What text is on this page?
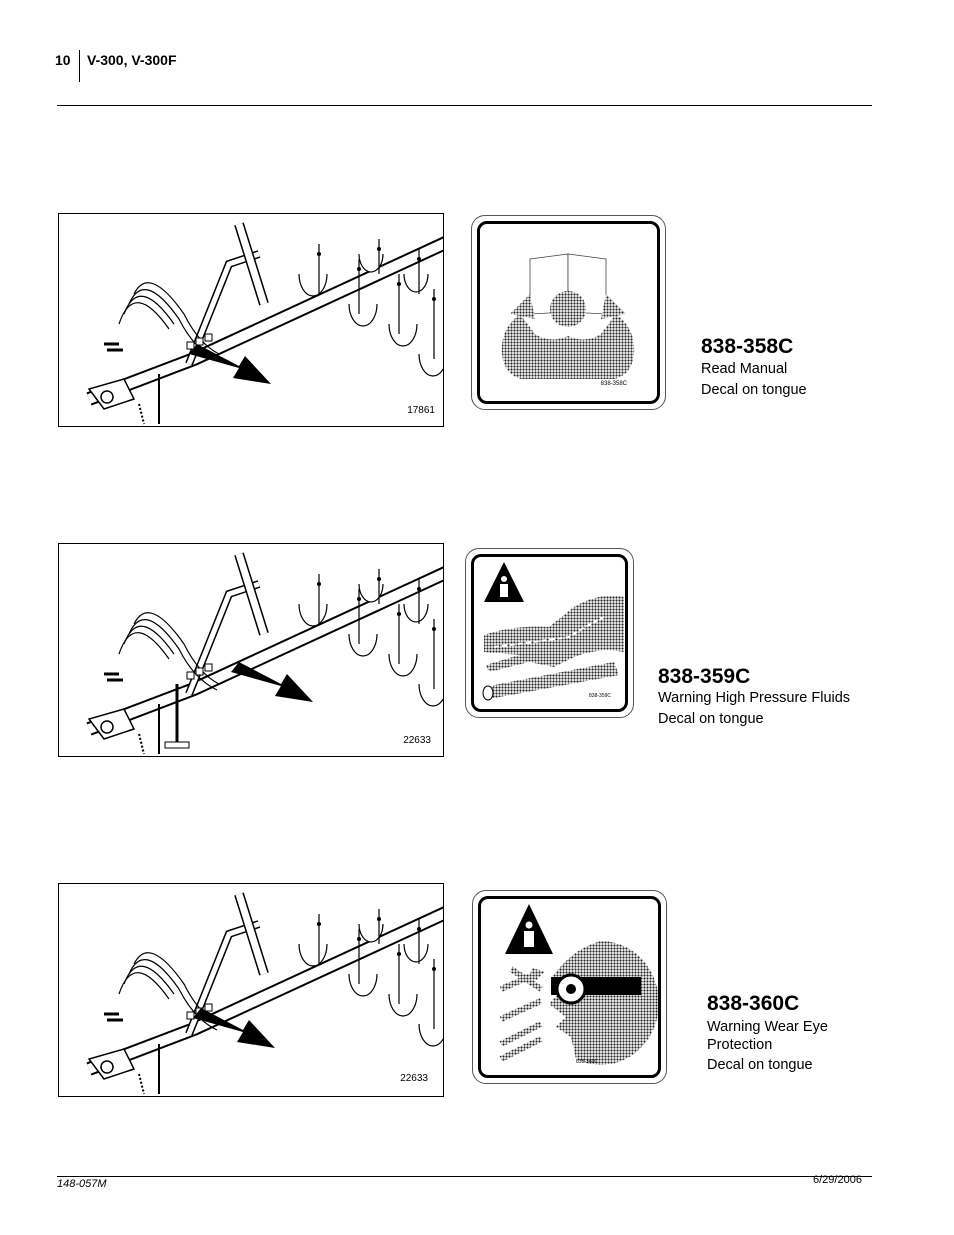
10 V-300, V-300F
17861
838-358C
838-358C
Read Manual
Decal on tongue
22633
838-359C
838-359C
Warning High Pressure Fluids
Decal on tongue
22633
838-360C
838-360C
Warning Wear Eye Protection
Decal on tongue
148-057M	6/29/2006
